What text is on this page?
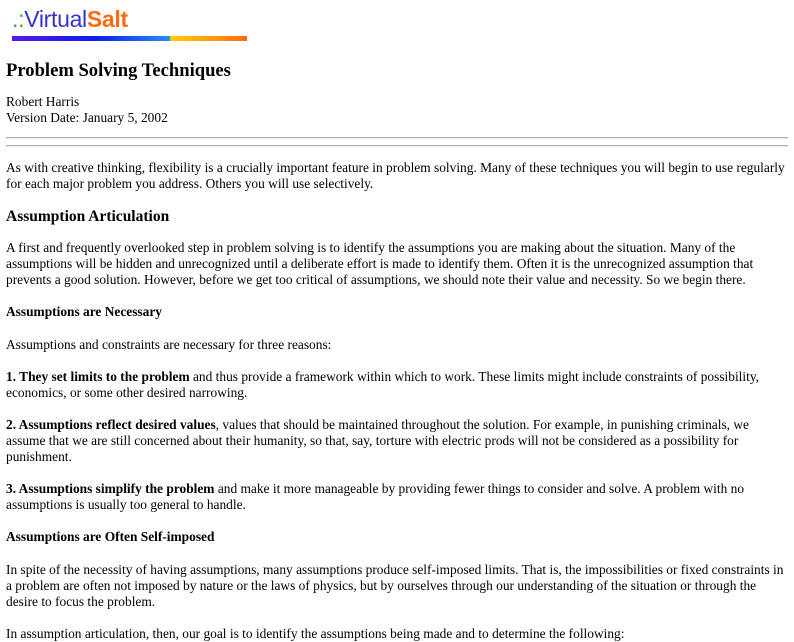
.:VirtualSalt
Problem Solving Techniques
Robert Harris
Version Date: January 5, 2002

As with creative thinking, flexibility is a crucially important feature in problem solving. Many of these techniques you will begin to use regularly for each major problem you address. Others you will use selectively.

Assumption Articulation

A first and frequently overlooked step in problem solving is to identify the assumptions you are making about the situation. Many of the assumptions will be hidden and unrecognized until a deliberate effort is made to identify them. Often it is the unrecognized assumption that prevents a good solution. However, before we get too critical of assumptions, we should note their value and necessity. So we begin there.

Assumptions are Necessary

Assumptions and constraints are necessary for three reasons:

1. They set limits to the problem and thus provide a framework within which to work. These limits might include constraints of possibility, economics, or some other desired narrowing.

2. Assumptions reflect desired values, values that should be maintained throughout the solution. For example, in punishing criminals, we assume that we are still concerned about their humanity, so that, say, torture with electric prods will not be considered as a possibility for punishment.

3. Assumptions simplify the problem and make it more manageable by providing fewer things to consider and solve. A problem with no assumptions is usually too general to handle.

Assumptions are Often Self-imposed

In spite of the necessity of having assumptions, many assumptions produce self-imposed limits. That is, the impossibilities or fixed constraints in a problem are often not imposed by nature or the laws of physics, but by ourselves through our understanding of the situation or through the desire to focus the problem.

In assumption articulation, then, our goal is to identify the assumptions being made and to determine the following:
